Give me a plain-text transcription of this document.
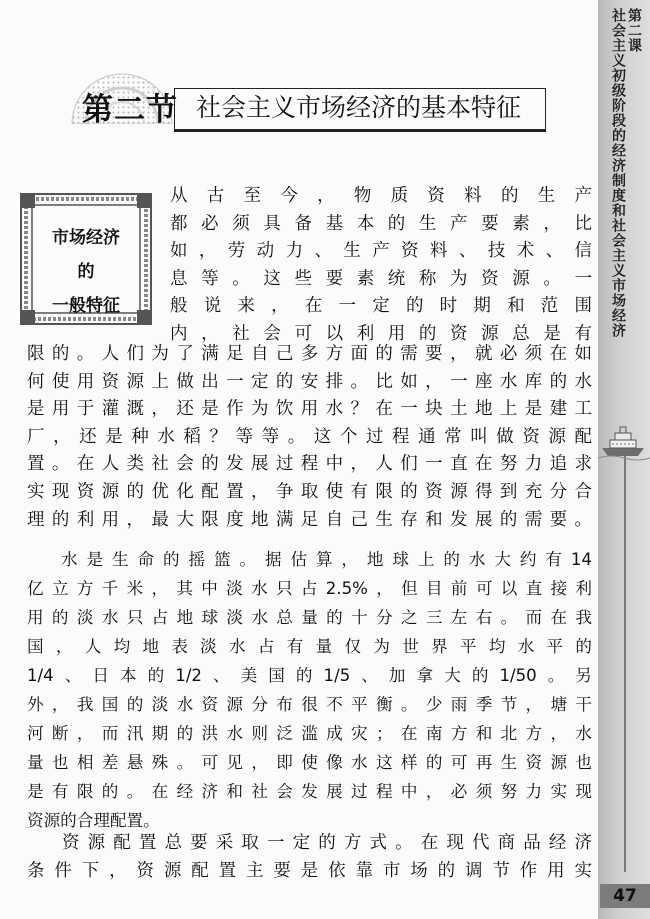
第二课
社会主义初级阶段的经济制度和社会主义市场经济
47
第二节 社会主义市场经济的基本特征
市场经济的
一般特征
从古至今，物质资料的生产
都必须具备基本的生产要素，比
如，劳动力、生产资料、技术、信
息等。这些要素统称为资源。一
般说来，在一定的时期和范围
内，社会可以利用的资源总是有
限的。人们为了满足自己多方面的需要，就必须在如
何使用资源上做出一定的安排。比如，一座水库的水
是用于灌溉，还是作为饮用水？在一块土地上是建工
厂，还是种水稻？等等。这个过程通常叫做资源配
置。在人类社会的发展过程中，人们一直在努力追求
实现资源的优化配置，争取使有限的资源得到充分合
理的利用，最大限度地满足自己生存和发展的需要。
水是生命的摇篮。据估算，地球上的水大约有14
亿立方千米，其中淡水只占2.5%，但目前可以直接利
用的淡水只占地球淡水总量的十分之三左右。而在我
国，人均地表淡水占有量仅为世界平均水平的
1/4、日本的1/2、美国的1/5、加拿大的1/50。另
外，我国的淡水资源分布很不平衡。少雨季节，塘干
河断，而汛期的洪水则泛滥成灾；在南方和北方，水
量也相差悬殊。可见，即使像水这样的可再生资源也
是有限的。在经济和社会发展过程中，必须努力实现
资源的合理配置。
资源配置总要采取一定的方式。在现代商品经济
条件下，资源配置主要是依靠市场的调节作用实
